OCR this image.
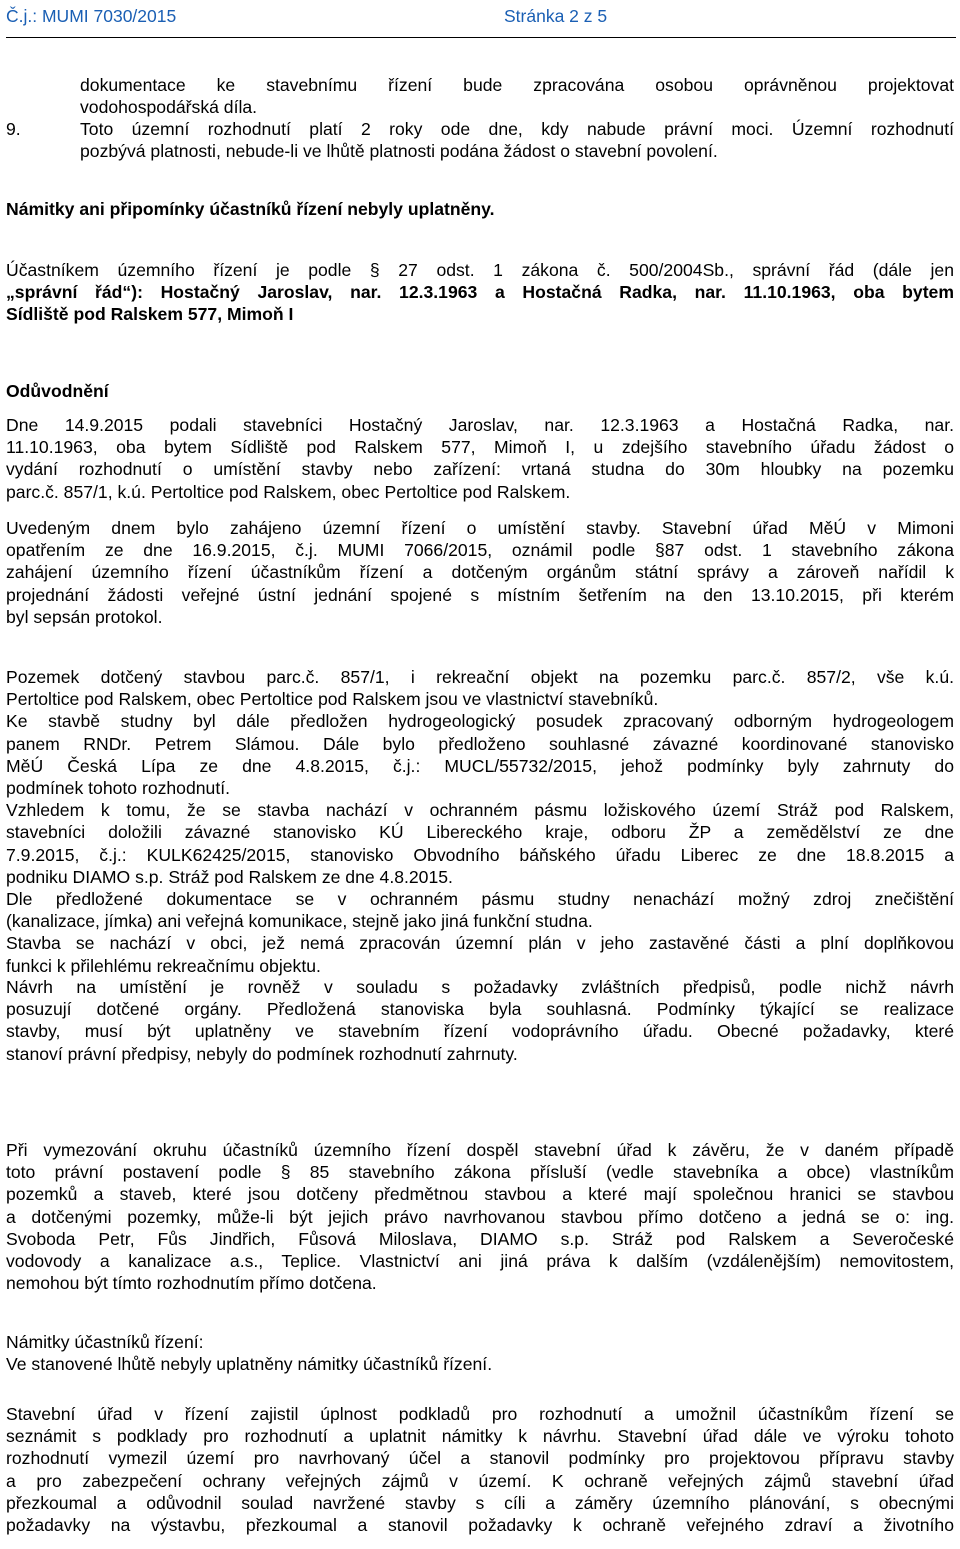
Č.j.: MUMI 7030/2015	Stránka 2 z 5

dokumentace ke stavebnímu řízení bude zpracována osobou oprávněnou projektovat

vodohospodářská díla.

9.	Toto územní rozhodnutí platí 2 roky ode dne, kdy nabude právní moci. Územní rozhodnutí
pozbývá platnosti, nebude-li ve lhůtě platnosti podána žádost o stavební povolení.

Námitky ani připomínky účastníků řízení nebyly uplatněny.

Účastníkem územního řízení je podle § 27 odst. 1 zákona č. 500/2004Sb., správní řád (dále jen

„správní řád“): Hostačný Jaroslav, nar. 12.3.1963 a Hostačná Radka, nar. 11.10.1963, oba bytem

Sídliště pod Ralskem 577, Mimoň I

Odůvodnění

Dne 14.9.2015 podali stavebníci Hostačný Jaroslav, nar. 12.3.1963 a Hostačná Radka, nar.

11.10.1963, oba bytem Sídliště pod Ralskem 577, Mimoň I, u zdejšího stavebního úřadu žádost o

vydání rozhodnutí o umístění stavby nebo zařízení: vrtaná studna do 30m hloubky na pozemku

parc.č. 857/1, k.ú. Pertoltice pod Ralskem, obec Pertoltice pod Ralskem.

Uvedeným dnem bylo zahájeno územní řízení o umístění stavby. Stavební úřad MěÚ v Mimoni

opatřením ze dne 16.9.2015, č.j. MUMI 7066/2015, oznámil podle §87 odst. 1 stavebního zákona

zahájení územního řízení účastníkům řízení a dotčeným orgánům státní správy a zároveň nařídil k

projednání žádosti veřejné ústní jednání spojené s místním šetřením na den 13.10.2015, při kterém

byl sepsán protokol.

Pozemek dotčený stavbou parc.č. 857/1, i rekreační objekt na pozemku parc.č. 857/2, vše k.ú.

Pertoltice pod Ralskem, obec Pertoltice pod Ralskem jsou ve vlastnictví stavebníků.

Ke stavbě studny byl dále předložen hydrogeologický posudek zpracovaný odborným hydrogeologem

panem RNDr. Petrem Slámou. Dále bylo předloženo souhlasné závazné koordinované stanovisko

MěÚ Česká Lípa ze dne 4.8.2015, č.j.: MUCL/55732/2015, jehož podmínky byly zahrnuty do

podmínek tohoto rozhodnutí.

Vzhledem k tomu, že se stavba nachází v ochranném pásmu ložiskového území Stráž pod Ralskem,

stavebníci doložili závazné stanovisko KÚ Libereckého kraje, odboru ŽP a zemědělství ze dne

7.9.2015, č.j.: KULK62425/2015, stanovisko Obvodního báňského úřadu Liberec ze dne 18.8.2015 a

podniku DIAMO s.p. Stráž pod Ralskem ze dne 4.8.2015.

Dle předložené dokumentace se v ochranném pásmu studny nenachází možný zdroj znečištění

(kanalizace, jímka) ani veřejná komunikace, stejně jako jiná funkční studna.

Stavba se nachází v obci, jež nemá zpracován územní plán v jeho zastavěné části a plní doplňkovou

funkci k přilehlému rekreačnímu objektu.

Návrh na umístění je rovněž v souladu s požadavky zvláštních předpisů, podle nichž návrh

posuzují dotčené orgány. Předložená stanoviska byla souhlasná. Podmínky týkající se realizace

stavby, musí být uplatněny ve stavebním řízení vodoprávního úřadu. Obecné požadavky, které

stanoví právní předpisy, nebyly do podmínek rozhodnutí zahrnuty.

Při vymezování okruhu účastníků územního řízení dospěl stavební úřad k závěru, že v daném případě

toto právní postavení podle § 85 stavebního zákona přísluší (vedle stavebníka a obce) vlastníkům

pozemků a staveb, které jsou dotčeny předmětnou stavbou a které mají společnou hranici se stavbou

a dotčenými pozemky, může-li být jejich právo navrhovanou stavbou přímo dotčeno a jedná se o: ing.

Svoboda Petr, Fůs Jindřich, Fůsová Miloslava, DIAMO s.p. Stráž pod Ralskem a Severočeské

vodovody a kanalizace a.s., Teplice. Vlastnictví ani jiná práva k dalším (vzdálenějším) nemovitostem,

nemohou být tímto rozhodnutím přímo dotčena.

Námitky účastníků řízení:

Ve stanovené lhůtě nebyly uplatněny námitky účastníků řízení.

Stavební úřad v řízení zajistil úplnost podkladů pro rozhodnutí a umožnil účastníkům řízení se

seznámit s podklady pro rozhodnutí a uplatnit námitky k návrhu. Stavební úřad dále ve výroku tohoto

rozhodnutí vymezil území pro navrhovaný účel a stanovil podmínky pro projektovou přípravu stavby

a pro zabezpečení ochrany veřejných zájmů v území. K ochraně veřejných zájmů stavební úřad

přezkoumal a odůvodnil soulad navržené stavby s cíli a záměry územního plánování, s obecnými

požadavky na výstavbu, přezkoumal a stanovil požadavky k ochraně veřejného zdraví a životního
